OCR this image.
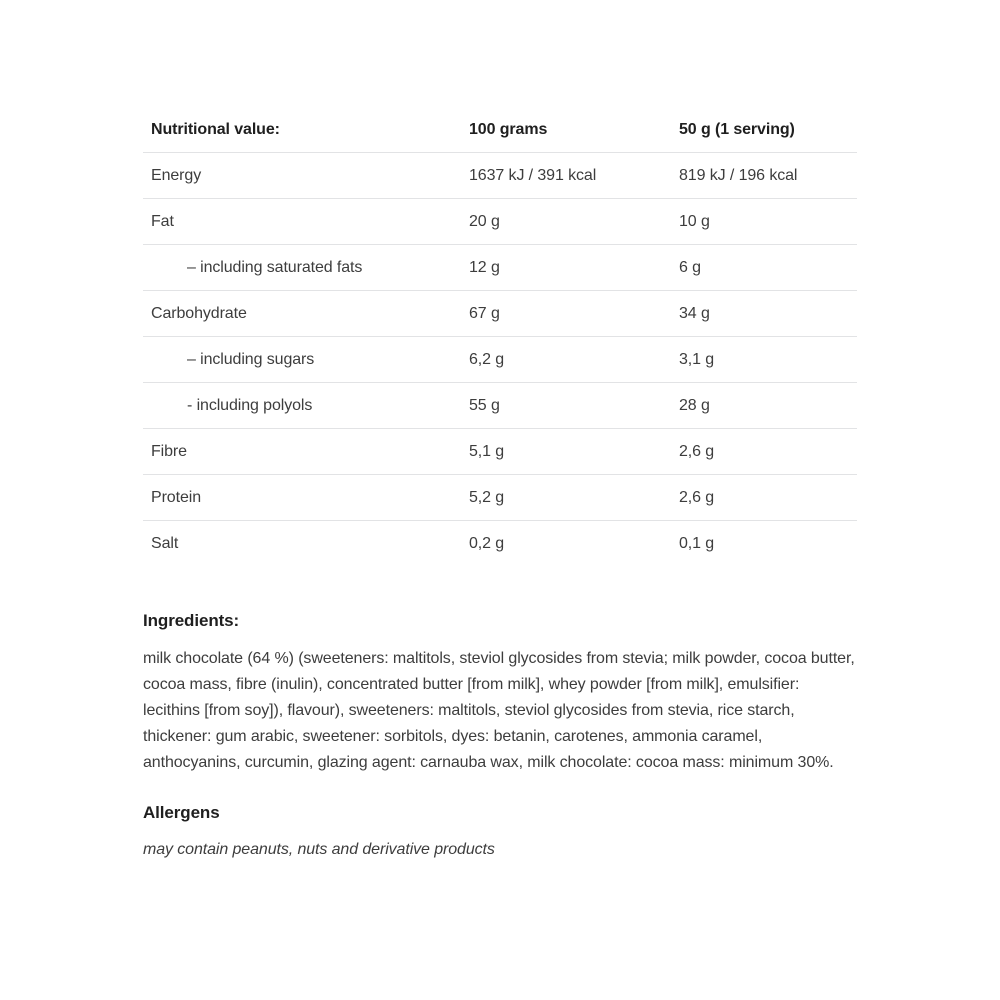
Nutritional value:	100 grams	50 g (1 serving)
Energy	1637 kJ / 391 kcal	819 kJ / 196 kcal
Fat	20 g	10 g
– including saturated fats	12 g	6 g
Carbohydrate	67 g	34 g
– including sugars	6,2 g	3,1 g
- including polyols	55 g	28 g
Fibre	5,1 g	2,6 g
Protein	5,2 g	2,6 g
Salt	0,2 g	0,1 g
Ingredients:
milk chocolate (64 %) (sweeteners: maltitols, steviol glycosides from stevia; milk powder, cocoa butter, cocoa mass, fibre (inulin), concentrated butter [from milk], whey powder [from milk], emulsifier: lecithins [from soy]), flavour), sweeteners: maltitols, steviol glycosides from stevia, rice starch, thickener: gum arabic, sweetener: sorbitols, dyes: betanin, carotenes, ammonia caramel, anthocyanins, curcumin, glazing agent: carnauba wax, milk chocolate: cocoa mass: minimum 30%.
Allergens
may contain peanuts, nuts and derivative products
